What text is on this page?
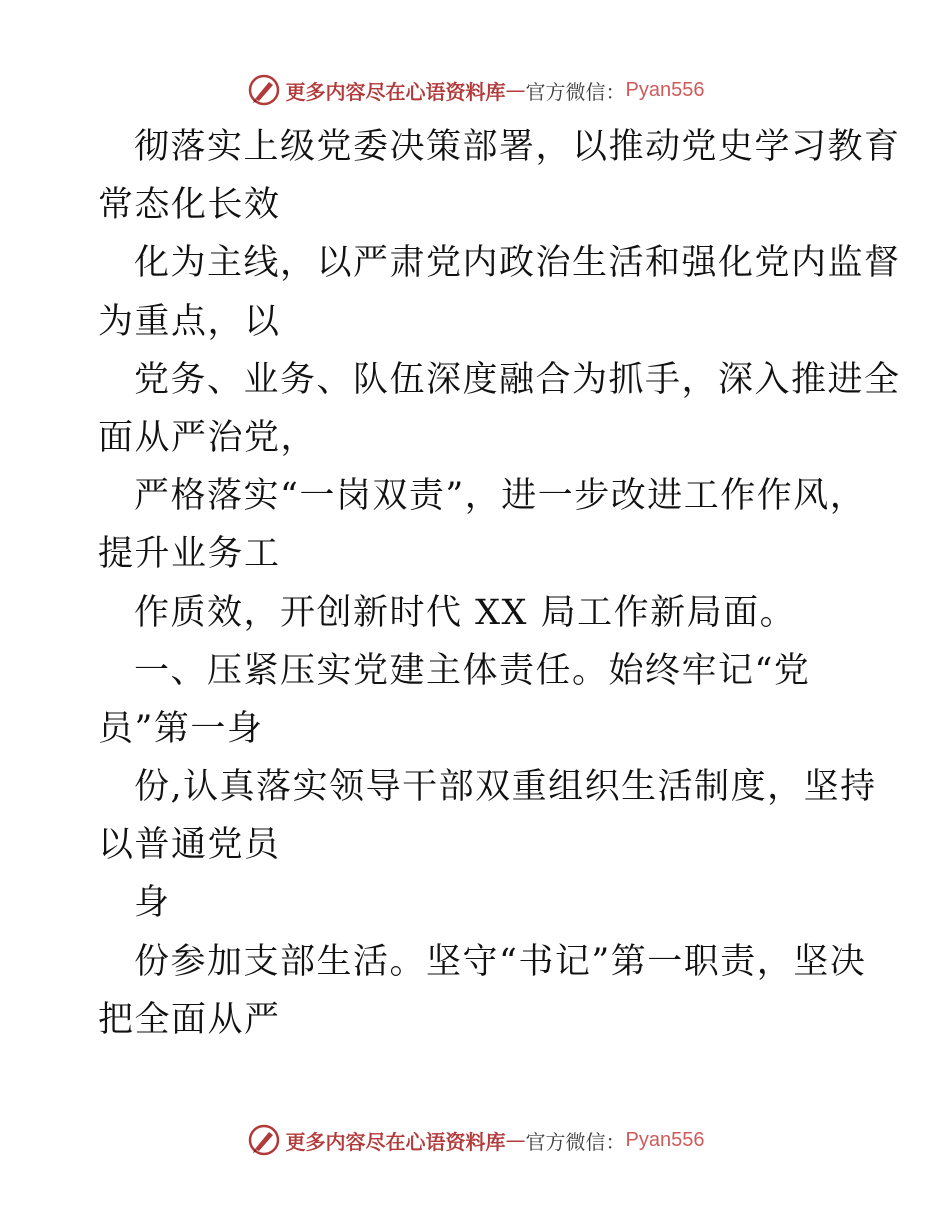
更多内容尽在心语资料库 — 官方微信： Pyan556
彻落实上级党委决策部署，以推动党史学习教育
常态化长效
化为主线，以严肃党内政治生活和强化党内监督
为重点，以
党务、业务、队伍深度融合为抓手，深入推进全
面从严治党，
严格落实“一岗双责”，进一步改进工作作风，
提升业务工
作质效，开创新时代 XX 局工作新局面。
一、压紧压实党建主体责任。始终牢记“党
员”第一身
份,认真落实领导干部双重组织生活制度，坚持
以普通党员
身
份参加支部生活。坚守“书记”第一职责，坚决
把全面从严
更多内容尽在心语资料库 — 官方微信： Pyan556
